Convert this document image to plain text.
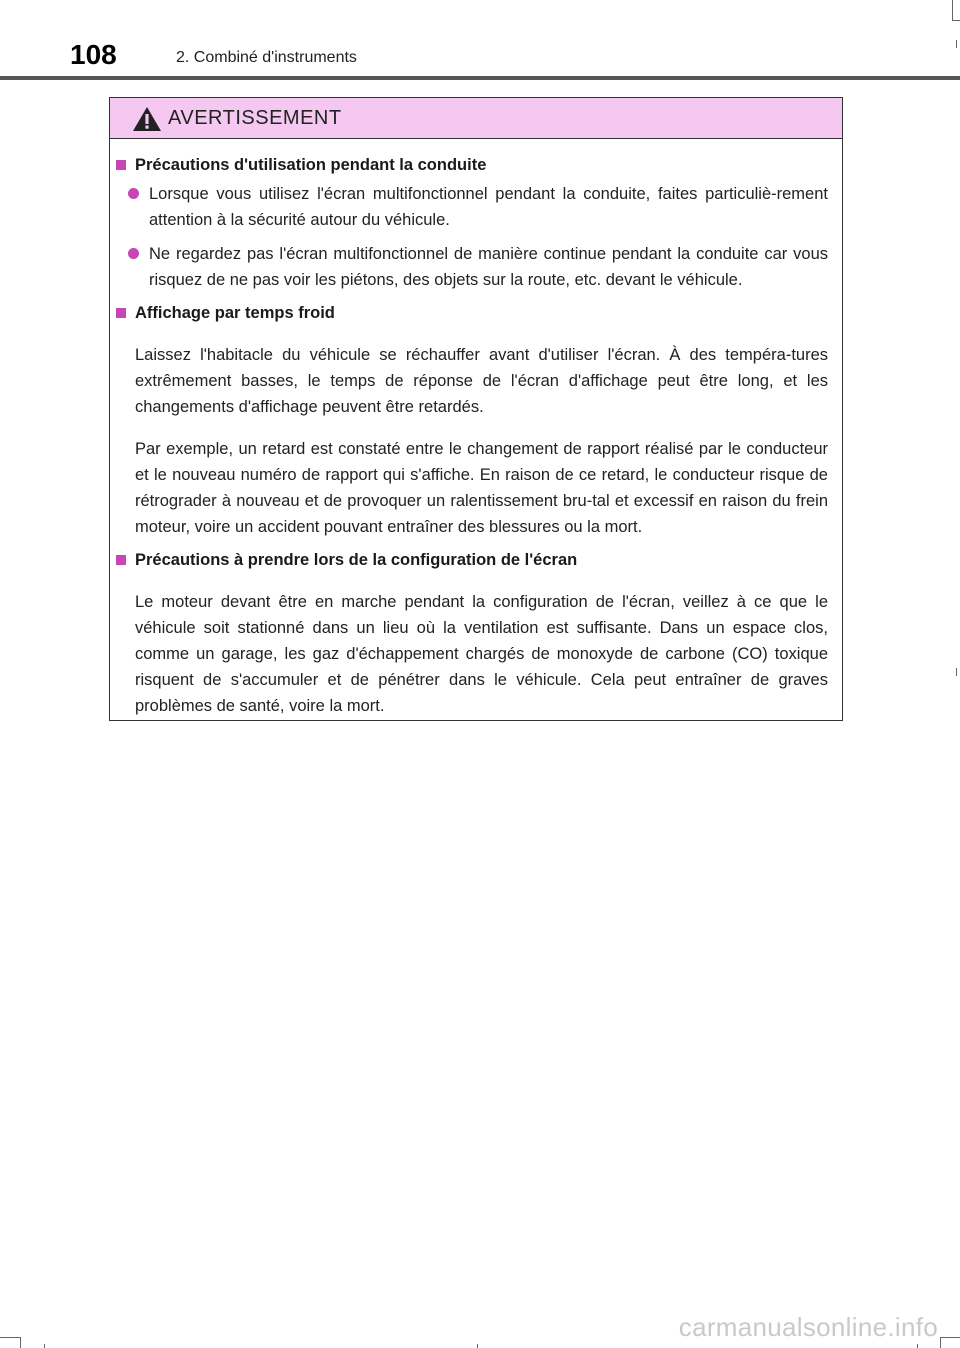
108	2. Combiné d'instruments
AVERTISSEMENT
Précautions d'utilisation pendant la conduite
Lorsque vous utilisez l'écran multifonctionnel pendant la conduite, faites particuliè-rement attention à la sécurité autour du véhicule.
Ne regardez pas l'écran multifonctionnel de manière continue pendant la conduite car vous risquez de ne pas voir les piétons, des objets sur la route, etc. devant le véhicule.
Affichage par temps froid

Laissez l'habitacle du véhicule se réchauffer avant d'utiliser l'écran. À des tempéra-tures extrêmement basses, le temps de réponse de l'écran d'affichage peut être long, et les changements d'affichage peuvent être retardés.

Par exemple, un retard est constaté entre le changement de rapport réalisé par le conducteur et le nouveau numéro de rapport qui s'affiche. En raison de ce retard, le conducteur risque de rétrograder à nouveau et de provoquer un ralentissement bru-tal et excessif en raison du frein moteur, voire un accident pouvant entraîner des blessures ou la mort.

Précautions à prendre lors de la configuration de l'écran

Le moteur devant être en marche pendant la configuration de l'écran, veillez à ce que le véhicule soit stationné dans un lieu où la ventilation est suffisante. Dans un espace clos, comme un garage, les gaz d'échappement chargés de monoxyde de carbone (CO) toxique risquent de s'accumuler et de pénétrer dans le véhicule. Cela peut entraîner de graves problèmes de santé, voire la mort.

carmanualsonline.info
